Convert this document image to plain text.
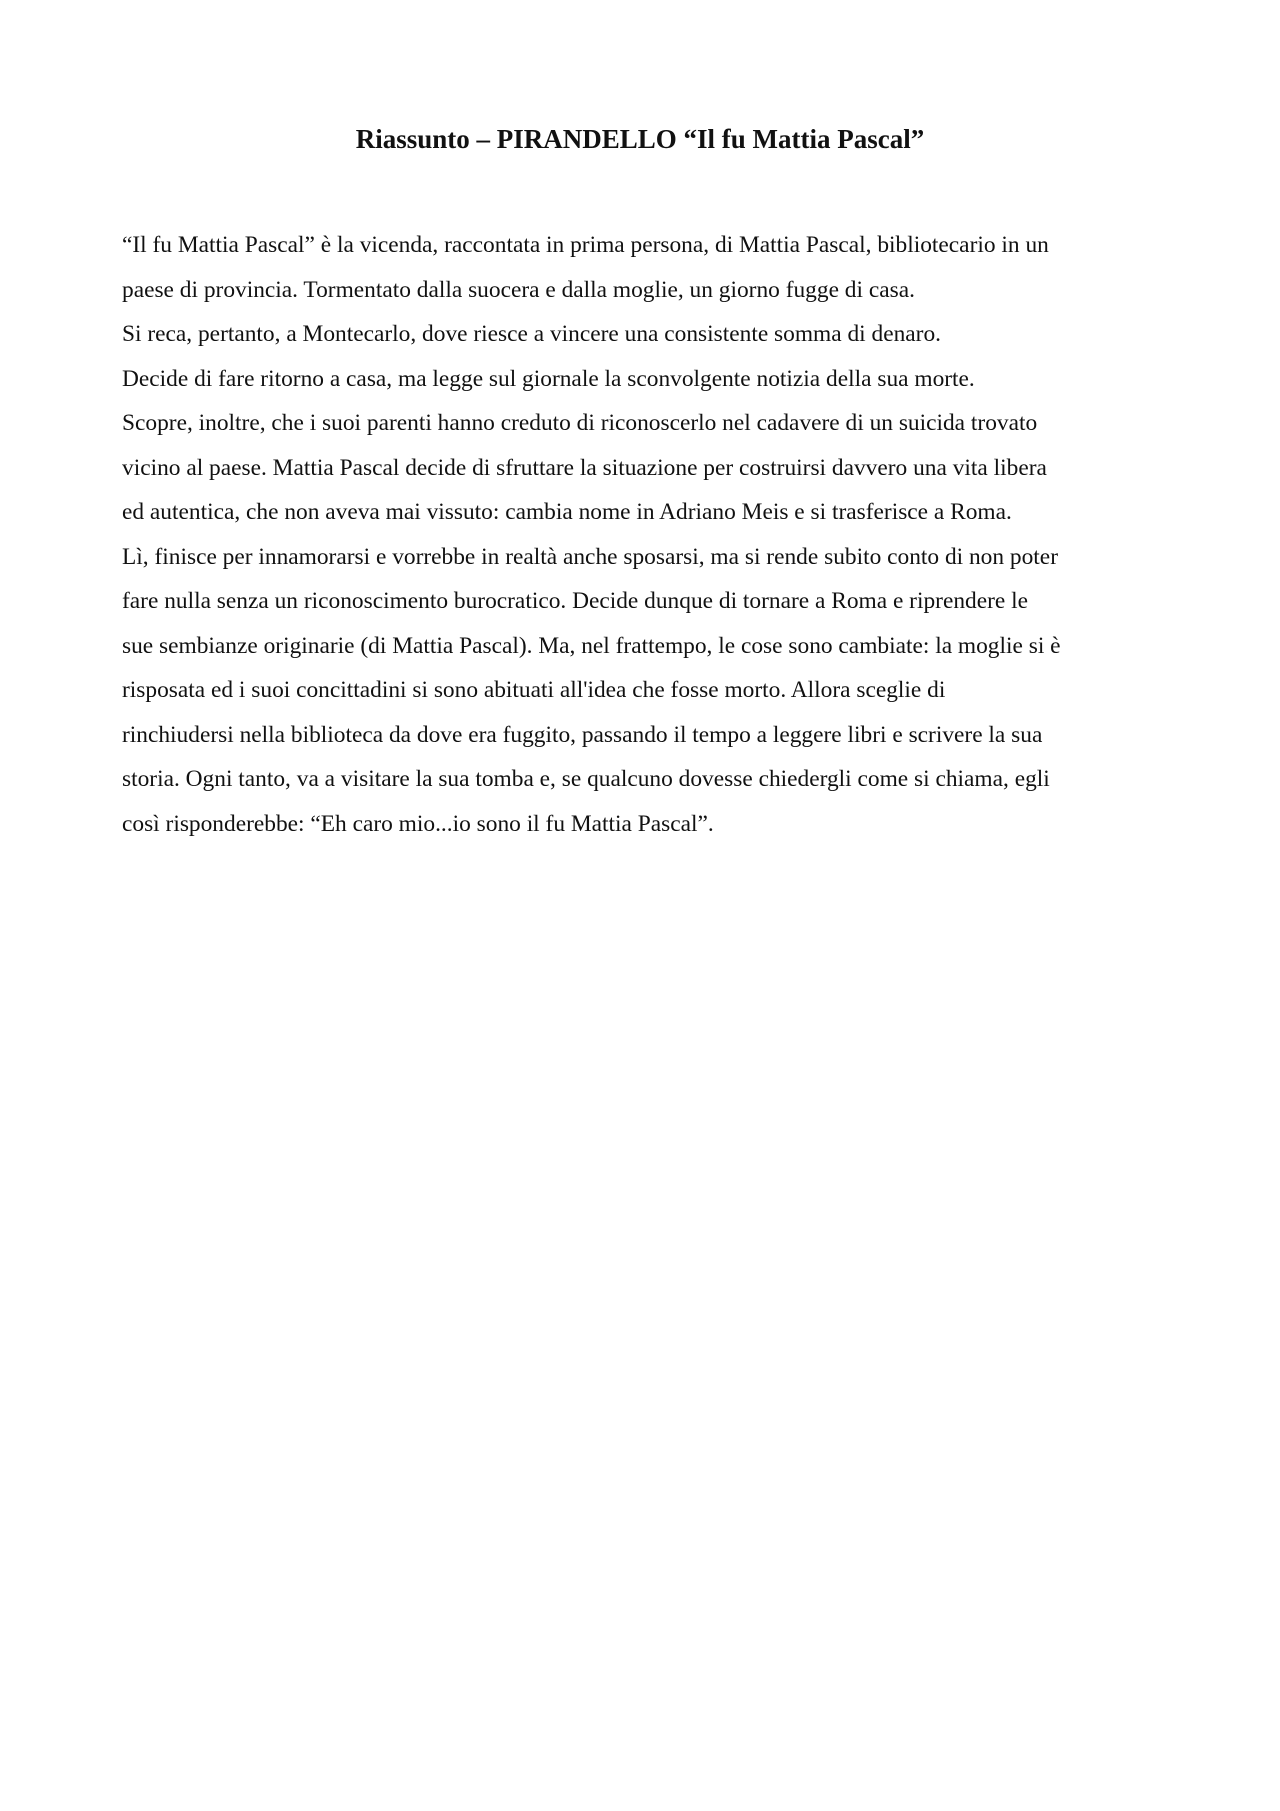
Riassunto – PIRANDELLO “Il fu Mattia Pascal”
“Il fu Mattia Pascal” è la vicenda, raccontata in prima persona, di Mattia Pascal, bibliotecario in un
paese di provincia. Tormentato dalla suocera e dalla moglie, un giorno fugge di casa.
Si reca, pertanto, a Montecarlo, dove riesce a vincere una consistente somma di denaro.
Decide di fare ritorno a casa, ma legge sul giornale la sconvolgente notizia della sua morte.
Scopre, inoltre, che i suoi parenti hanno creduto di riconoscerlo nel cadavere di un suicida trovato
vicino al paese. Mattia Pascal decide di sfruttare la situazione per costruirsi davvero una vita libera
ed autentica, che non aveva mai vissuto: cambia nome in Adriano Meis e si trasferisce a Roma.
Lì, finisce per innamorarsi e vorrebbe in realtà anche sposarsi, ma si rende subito conto di non poter
fare nulla senza un riconoscimento burocratico. Decide dunque di tornare a Roma e riprendere le
sue sembianze originarie (di Mattia Pascal). Ma, nel frattempo, le cose sono cambiate: la moglie si è
risposata ed i suoi concittadini si sono abituati all'idea che fosse morto. Allora sceglie di
rinchiudersi nella biblioteca da dove era fuggito, passando il tempo a leggere libri e scrivere la sua
storia. Ogni tanto, va a visitare la sua tomba e, se qualcuno dovesse chiedergli come si chiama, egli
così risponderebbe: “Eh caro mio...io sono il fu Mattia Pascal”.
